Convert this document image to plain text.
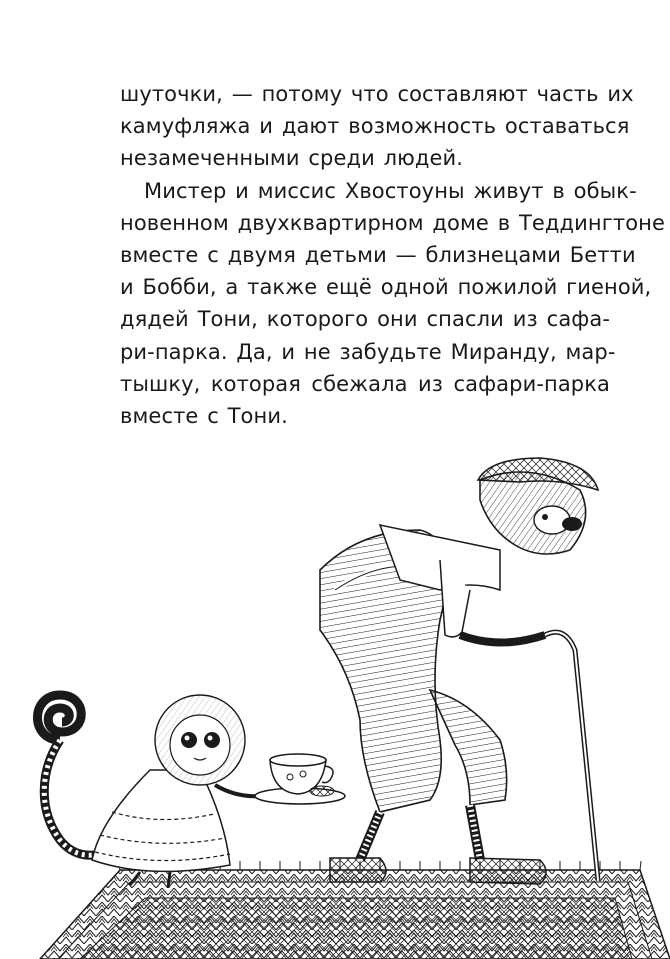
шуточки, — потому что составляют часть их
камуфляжа и дают возможность оставаться
незамеченными среди людей.
Мистер и миссис Хвостоуны живут в обык-
новенном двухквартирном доме в Теддингтоне
вместе с двумя детьми — близнецами Бетти
и Бобби, а также ещё одной пожилой гиеной,
дядей Тони, которого они спасли из сафа-
ри-парка. Да, и не забудьте Миранду, мар-
тышку, которая сбежала из сафари-парка
вместе с Тони.
